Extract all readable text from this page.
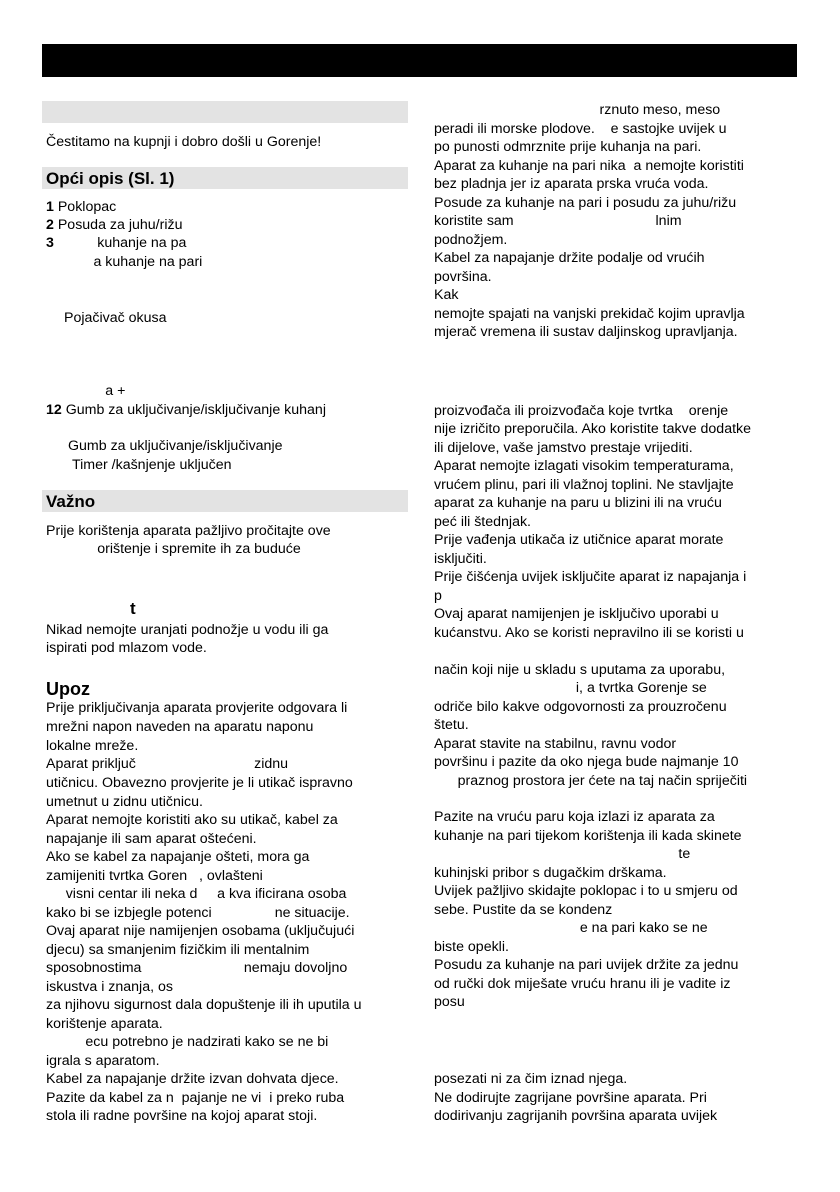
Čestitamo na kupnji i dobro došli u Gorenje!
Opći opis (Sl. 1)
1 Poklopac
2 Posuda za juhu/rižu
3           kuhanje na pa
a kuhanje na pari
Pojačivač okusa
a +
12 Gumb za uključivanje/isključivanje kuhanj
Gumb za uključivanje/isključivanje
Timer /kašnjenje uključen
Važno
Prije korištenja aparata pažljivo pročitajte ove
orištenje i spremite ih za buduće
t
Nikad nemojte uranjati podnožje u vodu ili ga
ispirati pod mlazom vode.
Upoz
Prije priključivanja aparata provjerite odgovara li
mrežni napon naveden na aparatu naponu
lokalne mreže.
Aparat priključ                              zidnu
utičnicu. Obavezno provjerite je li utikač ispravno
umetnut u zidnu utičnicu.
Aparat nemojte koristiti ako su utikač, kabel za
napajanje ili sam aparat oštećeni.
Ako se kabel za napajanje ošteti, mora ga
zamijeniti tvrtka Goren   , ovlašteni
visni centar ili neka d     a kva ificirana osoba
kako bi se izbjegle potenci                ne situacije.
Ovaj aparat nije namijenjen osobama (uključujući
djecu) sa smanjenim fizičkim ili mentalnim
sposobnostima                          nemaju dovoljno
iskustva i znanja, os
za njihovu sigurnost dala dopuštenje ili ih uputila u
korištenje aparata.
ecu potrebno je nadzirati kako se ne bi
igrala s aparatom.
Kabel za napajanje držite izvan dohvata djece.
Pazite da kabel za n  pajanje ne vi  i preko ruba
stola ili radne površine na kojoj aparat stoji.
rznuto meso, meso
peradi ili morske plodove.    e sastojke uvijek u
po punosti odmrznite prije kuhanja na pari.
Aparat za kuhanje na pari nika  a nemojte koristiti
bez pladnja jer iz aparata prska vruća voda.
Posude za kuhanje na pari i posudu za juhu/rižu
koristite sam                                    lnim
podnožjem.
Kabel za napajanje držite podalje od vrućih
površina.
Kak
nemojte spajati na vanjski prekidač kojim upravlja
mjerač vremena ili sustav daljinskog upravljanja.
proizvođača ili proizvođača koje tvrtka    orenje
nije izričito preporučila. Ako koristite takve dodatke
ili dijelove, vaše jamstvo prestaje vrijediti.
Aparat nemojte izlagati visokim temperaturama,
vrućem plinu, pari ili vlažnoj toplini. Ne stavljajte
aparat za kuhanje na paru u blizini ili na vruću
peć ili štednjak.
Prije vađenja utikača iz utičnice aparat morate
isključiti.
Prije čišćenja uvijek isključite aparat iz napajanja i
p
Ovaj aparat namijenjen je isključivo uporabi u
kućanstvu. Ako se koristi nepravilno ili se koristi u
način koji nije u skladu s uputama za uporabu,
i, a tvrtka Gorenje se
odriče bilo kakve odgovornosti za prouzročenu
štetu.
Aparat stavite na stabilnu, ravnu vodor
površinu i pazite da oko njega bude najmanje 10
praznog prostora jer ćete na taj način spriječiti
Pazite na vruću paru koja izlazi iz aparata za
kuhanje na pari tijekom korištenja ili kada skinete
te
kuhinjski pribor s dugačkim drškama.
Uvijek pažljivo skidajte poklopac i to u smjeru od
sebe. Pustite da se kondenz
e na pari kako se ne
biste opekli.
Posudu za kuhanje na pari uvijek držite za jednu
od ručki dok miješate vruću hranu ili je vadite iz
posu
posezati ni za čim iznad njega.
Ne dodirujte zagrijane površine aparata. Pri
dodirivanju zagrijanih površina aparata uvijek
